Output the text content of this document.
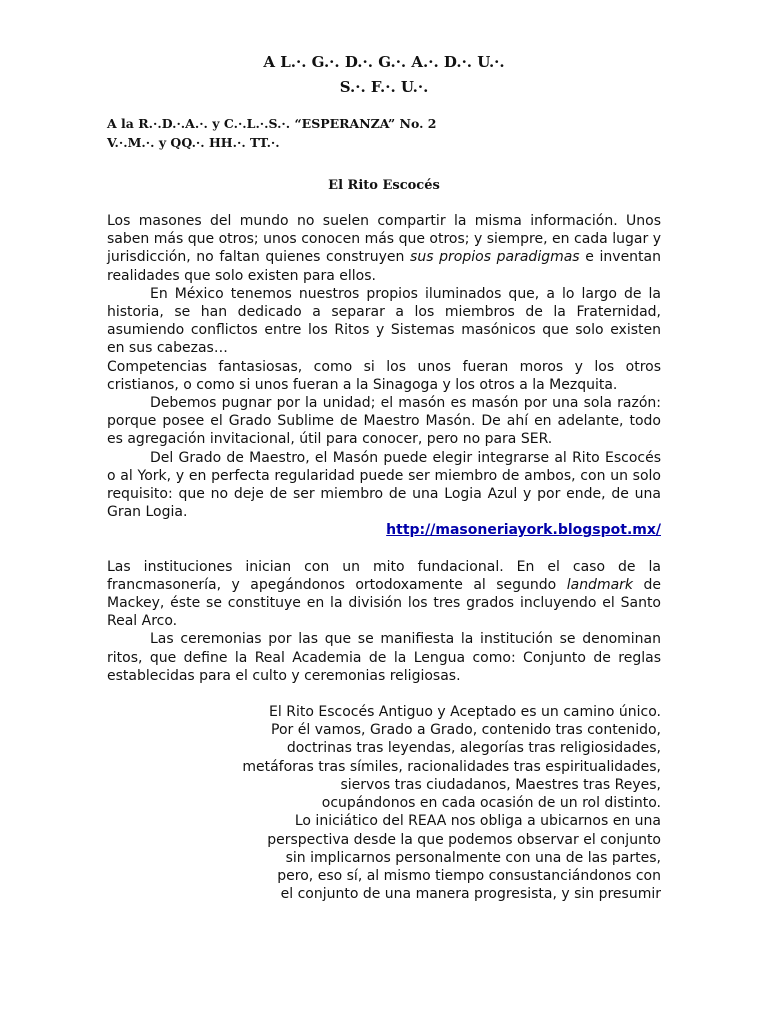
A L.·. G.·. D.·. G.·. A.·. D.·. U.·.
S.·. F.·. U.·.
A la R.·.D.·.A.·. y C.·.L.·.S.·. “ESPERANZA” No. 2
V.·.M.·. y QQ.·. HH.·. TT.·.
El Rito Escocés

Los masones del mundo no suelen compartir la misma información. Unos saben más que otros; unos conocen más que otros; y siempre, en cada lugar y jurisdicción, no faltan quienes construyen sus propios paradigmas e inventan realidades que solo existen para ellos.

En México tenemos nuestros propios iluminados que, a lo largo de la historia, se han dedicado a separar a los miembros de la Fraternidad, asumiendo conflictos entre los Ritos y Sistemas masónicos que solo existen en sus cabezas…

Competencias fantasiosas, como si los unos fueran moros y los otros cristianos, o como si unos fueran a la Sinagoga y los otros a la Mezquita.

Debemos pugnar por la unidad; el masón es masón por una sola razón: porque posee el Grado Sublime de Maestro Masón. De ahí en adelante, todo es agregación invitacional, útil para conocer, pero no para SER.

Del Grado de Maestro, el Masón puede elegir integrarse al Rito Escocés o al York, y en perfecta regularidad puede ser miembro de ambos, con un solo requisito: que no deje de ser miembro de una Logia Azul y por ende, de una Gran Logia.

http://masoneriayork.blogspot.mx/

Las instituciones inician con un mito fundacional. En el caso de la francmasonería, y apegándonos ortodoxamente al segundo landmark de Mackey, éste se constituye en la división los tres grados incluyendo el Santo Real Arco.

Las ceremonias por las que se manifiesta la institución se denominan ritos, que define la Real Academia de la Lengua como: Conjunto de reglas establecidas para el culto y ceremonias religiosas.

El Rito Escocés Antiguo y Aceptado es un camino único.

Por él vamos, Grado a Grado, contenido tras contenido,

doctrinas tras leyendas, alegorías tras religiosidades,

metáforas tras símiles, racionalidades tras espiritualidades,

siervos tras ciudadanos, Maestres tras Reyes,

ocupándonos en cada ocasión de un rol distinto.

Lo iniciático del REAA nos obliga a ubicarnos en una

perspectiva desde la que podemos observar el conjunto

sin implicarnos personalmente con una de las partes,

pero, eso sí, al mismo tiempo consustanciándonos con

el conjunto de una manera progresista, y sin presumir
